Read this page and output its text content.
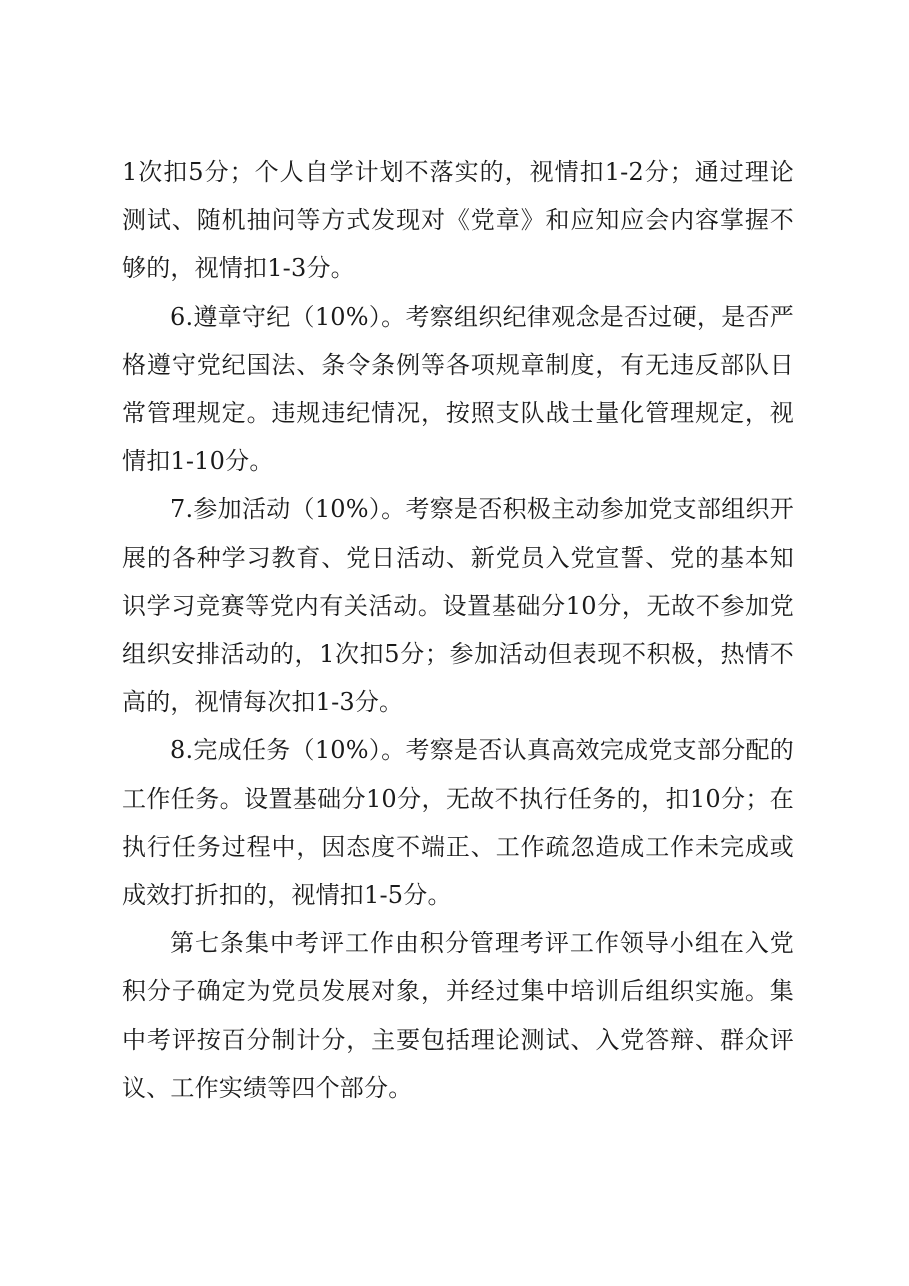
1次扣5分；个人自学计划不落实的，视情扣1-2分；通过理论测试、随机抽问等方式发现对《党章》和应知应会内容掌握不够的，视情扣1-3分。

6.遵章守纪（10%）。考察组织纪律观念是否过硬，是否严格遵守党纪国法、条令条例等各项规章制度，有无违反部队日常管理规定。违规违纪情况，按照支队战士量化管理规定，视情扣1-10分。

7.参加活动（10%）。考察是否积极主动参加党支部组织开展的各种学习教育、党日活动、新党员入党宣誓、党的基本知识学习竞赛等党内有关活动。设置基础分10分，无故不参加党组织安排活动的，1次扣5分；参加活动但表现不积极，热情不高的，视情每次扣1-3分。

8.完成任务（10%）。考察是否认真高效完成党支部分配的工作任务。设置基础分10分，无故不执行任务的，扣10分；在执行任务过程中，因态度不端正、工作疏忽造成工作未完成或成效打折扣的，视情扣1-5分。

第七条集中考评工作由积分管理考评工作领导小组在入党积分子确定为党员发展对象，并经过集中培训后组织实施。集中考评按百分制计分，主要包括理论测试、入党答辩、群众评议、工作实绩等四个部分。
